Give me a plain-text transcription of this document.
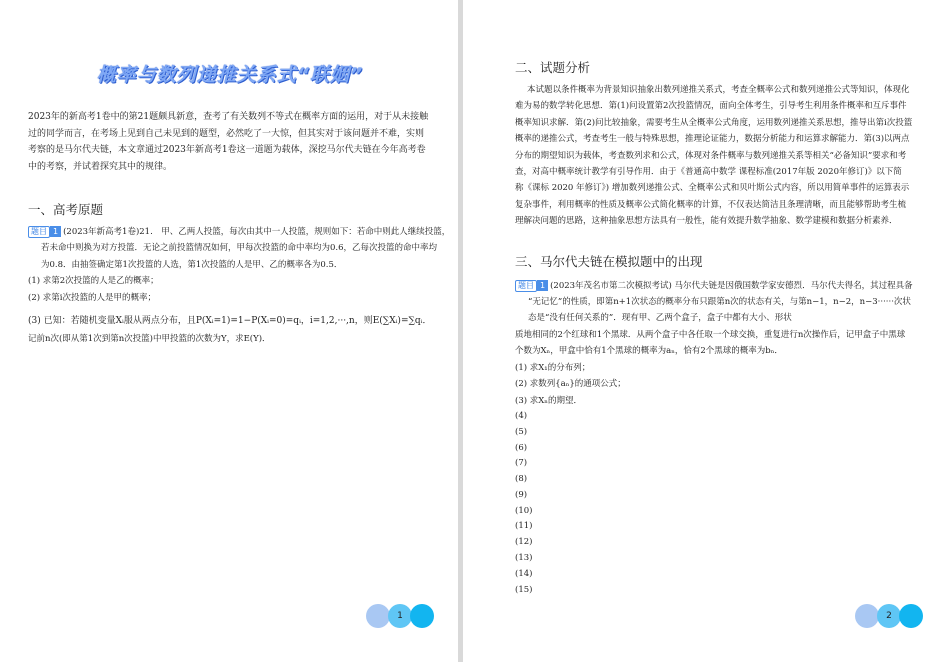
概率与数列递推关系式“联姻”

2023年的新高考1卷中的第21题颇具新意，查考了有关数列不等式在概率方面的运用，对于从未接触过的同学而言，在考场上见到自己未见到的题型，必然吃了一大惊，但其实对于该问题并不难，实则考察的是马尔代夫链，本文章通过2023年新高考1卷这一道题为载体，深挖马尔代夫链在今年高考卷中的考察，并试着探究其中的规律。

一、高考原题
题目 1 (2023年新高考1卷)21.　甲、乙两人投篮，每次由其中一人投篮，规则如下：若命中则此人继续投篮，
若未命中则换为对方投篮．无论之前投篮情况如何，甲每次投篮的命中率均为0.6，乙每次投篮的命中率均
为0.8．由抽签确定第1次投篮的人选，第1次投篮的人是甲、乙的概率各为0.5．
(1) 求第2次投篮的人是乙的概率；
(2) 求第i次投篮的人是甲的概率；
(3) 已知：若随机变量Xᵢ服从两点分布，且P(Xᵢ=1)=1−P(Xᵢ=0)=qᵢ，i=1,2,···,n，则E(∑Xᵢ)=∑qᵢ．
记前n次(即从第1次到第n次投篮)中甲投篮的次数为Y，求E(Y)．
1
二、试题分析
本试题以条件概率为背景知识抽象出数列递推关系式，考查全概率公式和数列递推公式等知识，体现化
难为易的数学转化思想．第(1)问设置第2次投篮情况，面向全体考生，引导考生利用条件概率和互斥事件
概率知识求解．第(2)问比较抽象，需要考生从全概率公式角度，运用数列递推关系思想，推导出第i次投篮
概率的递推公式，考查考生一般与特殊思想，推理论证能力，数据分析能力和运算求解能力．第(3)以两点
分布的期望知识为载体，考查数列求和公式，体现对条件概率与数列递推关系等相关“必备知识”要求和考
查，对高中概率统计教学有引导作用．由于《普通高中数学 课程标准(2017年版 2020年修订)》以下简
称《课标 2020 年修订》) 增加数列递推公式、全概率公式和贝叶斯公式内容，所以用简单事件的运算表示
复杂事件，利用概率的性质及概率公式简化概率的计算，不仅表达简洁且条理清晰，而且能够帮助考生梳
理解决问题的思路，这种抽象思想方法具有一般性，能有效提升数学抽象、数学建模和数据分析素养．
三、马尔代夫链在模拟题中的出现
题目 1 (2023年茂名市第二次模拟考试) 马尔代夫链是因俄国数学家安德烈．马尔代夫得名，其过程具备
“无记忆”的性质，即第n+1次状态的概率分布只跟第n次的状态有关，与第n−1，n−2，n−3······次状
态是“没有任何关系的”．现有甲、乙两个盒子，盒子中都有大小、形状
质地相同的2个红球和1个黑球．从两个盒子中各任取一个球交换，重复进行n次操作后，记甲盒子中黑球
个数为Xₙ，甲盒中恰有1个黑球的概率为aₙ，恰有2个黑球的概率为bₙ．
(1) 求X₁的分布列；
(2) 求数列{aₙ}的通项公式；
(3) 求Xₙ的期望．
(4)
(5)
(6)
(7)
(8)
(9)
(10)
(11)
(12)
(13)
(14)
(15)
2
